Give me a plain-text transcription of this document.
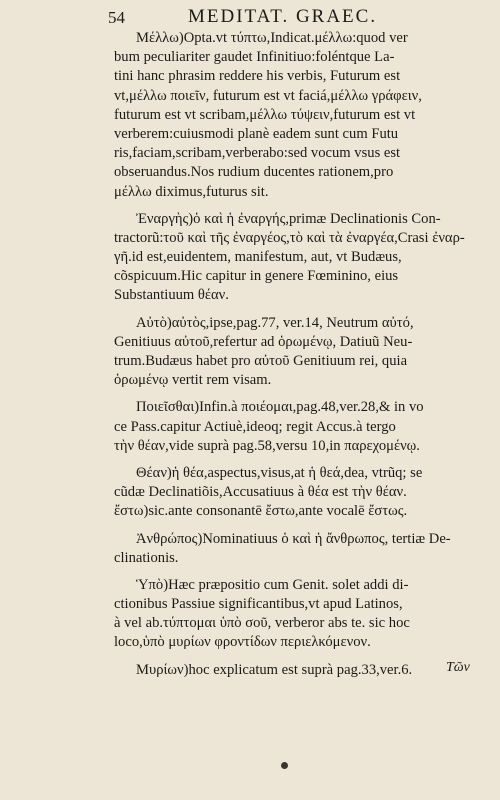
54	MEDITAT. GRAEC.
Μέλλω)Opta.vt τύπτω,Indicat.μέλλω:quod ver
bum peculiariter gaudet Infinitiuo:foléntque La-
tini hanc phrasim reddere his verbis, Futurum est
vt,μέλλω ποιεῖν, futurum est vt faciá,μέλλω γράφειν,
futurum est vt scribam,μέλλω τύψειν,futurum est vt
verberem:cuiusmodi planè eadem sunt cum Futu
ris,faciam,scribam,verberabo:sed vocum vsus est
obseruandus.Nos rudium ducentes rationem,pro
μέλλω diximus,futurus sit.
Ἐναργὴς)ὁ καὶ ἡ ἐναργής,primæ Declinationis Con-
tractorũ:τοῦ καὶ τῆς ἐναργέος,τὸ καὶ τὰ ἐναργέα,Crasi ἐναρ-
γῆ.id est,euidentem, manifestum, aut, vt Budæus,
cõspicuum.Hic capitur in genere Fœminino, eius
Substantiuum θέαν.
Αὐτὸ)αὐτὸς,ipse,pag.77, ver.14, Neutrum αὐτό,
Genitiuus αὐτοῦ,refertur ad ὁρωμένῳ, Datiuũ Neu-
trum.Budæus habet pro αὐτοῦ Genitiuum rei, quia
ὁρωμένῳ vertit rem visam.
Ποιεῖσθαι)Infin.à ποιέομαι,pag.48,ver.28,& in vo
ce Pass.capitur Actiuè,ideoq; regit Accus.à tergo
τὴν θέαν,vide suprà pag.58,versu 10,in παρεχομένῳ.
Θέαν)ἡ θέα,aspectus,visus,at ἡ θεά,dea, vtrũq; se
cũdæ Declinatiõis,Accusatiuus à θέα est τὴν θέαν.
ἔστω)sic.ante consonantē ἔστω,ante vocalē ἔστως.
Ἀνθρώπος)Nominatiuus ὁ καὶ ἡ ἄνθρωπος, tertiæ De-
clinationis.
Ὑπὸ)Hæc præpositio cum Genit. solet addi di-
ctionibus Passiue significantibus,vt apud Latinos,
à vel ab.τύπτομαι ὑπὸ σοῦ, verberor abs te. sic hoc
loco,ὑπὸ μυρίων φροντίδων περιελκόμενον.
Μυρίων)hoc explicatum est suprà pag.33,ver.6.	Τῶν
